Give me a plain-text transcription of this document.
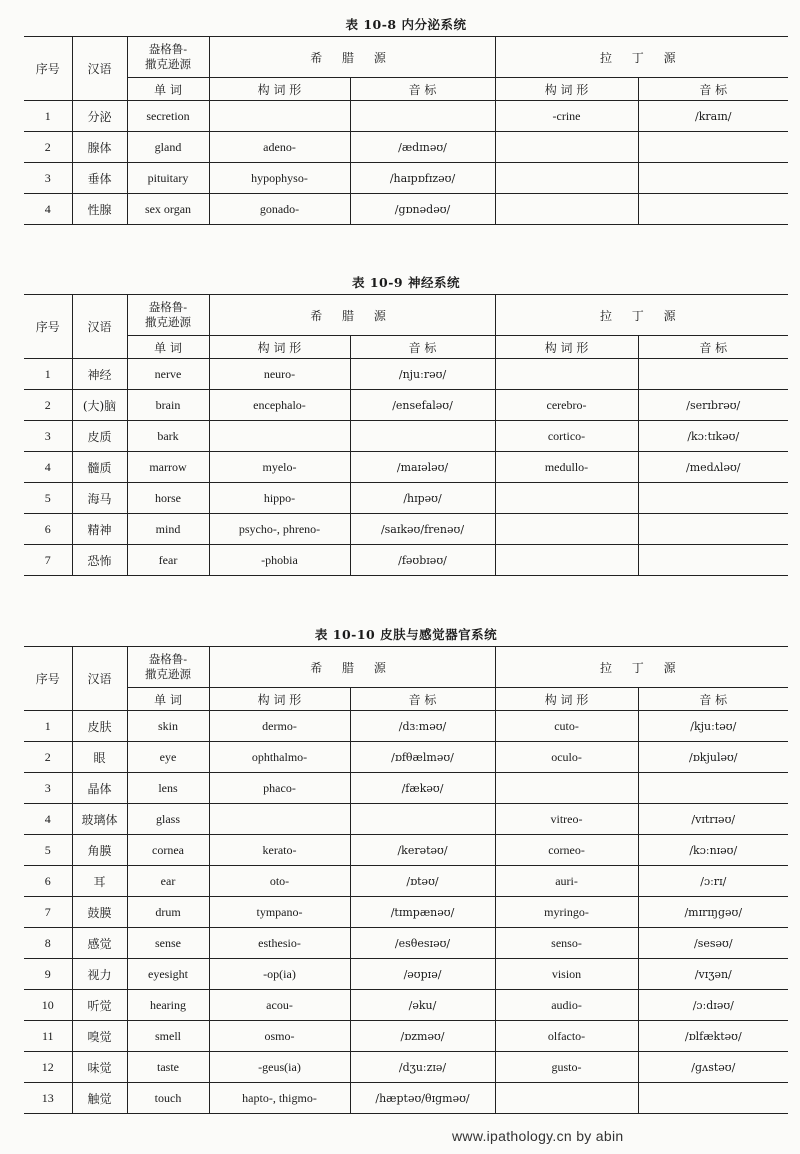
表 10-8 内分泌系统
序号	汉语	盎格鲁-
撒克逊源	希 腊 源		拉 丁 源	
		单 词	构 词 形	音 标	构 词 形	音 标
1	分泌	secretion			-crine	/kraɪn/
2	腺体	gland	adeno-	/ædɪnəʊ/		
3	垂体	pituitary	hypophyso-	/haɪpɒfɪzəʊ/		
4	性腺	sex organ	gonado-	/gɒnədəʊ/		
表 10-9 神经系统
序号	汉语	盎格鲁-
撒克逊源	希 腊 源		拉 丁 源	
		单 词	构 词 形	音 标	构 词 形	音 标
1	神经	nerve	neuro-	/njuːrəʊ/		
2	(大)脑	brain	encephalo-	/ensefaləʊ/	cerebro-	/serɪbrəʊ/
3	皮质	bark			cortico-	/kɔːtɪkəʊ/
4	髓质	marrow	myelo-	/maɪələʊ/	medullo-	/medʌləʊ/
5	海马	horse	hippo-	/hɪpəʊ/		
6	精神	mind	psycho-, phreno-	/saɪkəʊ/frenəʊ/		
7	恐怖	fear	-phobia	/fəʊbɪəʊ/		
表 10-10 皮肤与感觉器官系统
序号	汉语	盎格鲁-
撒克逊源	希 腊 源		拉 丁 源	
		单 词	构 词 形	音 标	构 词 形	音 标
1	皮肤	skin	dermo-	/dɜːməʊ/	cuto-	/kjuːtəʊ/
2	眼	eye	ophthalmo-	/ɒfθælməʊ/	oculo-	/ɒkjuləʊ/
3	晶体	lens	phaco-	/fækəʊ/		
4	玻璃体	glass			vitreo-	/vɪtrɪəʊ/
5	角膜	cornea	kerato-	/kerətəʊ/	corneo-	/kɔːnɪəʊ/
6	耳	ear	oto-	/ɒtəʊ/	auri-	/ɔːrɪ/
7	鼓膜	drum	tympano-	/tɪmpænəʊ/	myringo-	/mɪrɪŋgəʊ/
8	感觉	sense	esthesio-	/esθesɪəʊ/	senso-	/sesəʊ/
9	视力	eyesight	-op(ia)	/əʊpɪə/	vision	/vɪʒən/
10	听觉	hearing	acou-	/əku/	audio-	/ɔːdɪəʊ/
11	嗅觉	smell	osmo-	/ɒzməʊ/	olfacto-	/ɒlfæktəʊ/
12	味觉	taste	-geus(ia)	/dʒuːzɪə/	gusto-	/gʌstəʊ/
13	触觉	touch	hapto-, thigmo-	/hæptəʊ/θɪgməʊ/		
www.ipathology.cn by abin
